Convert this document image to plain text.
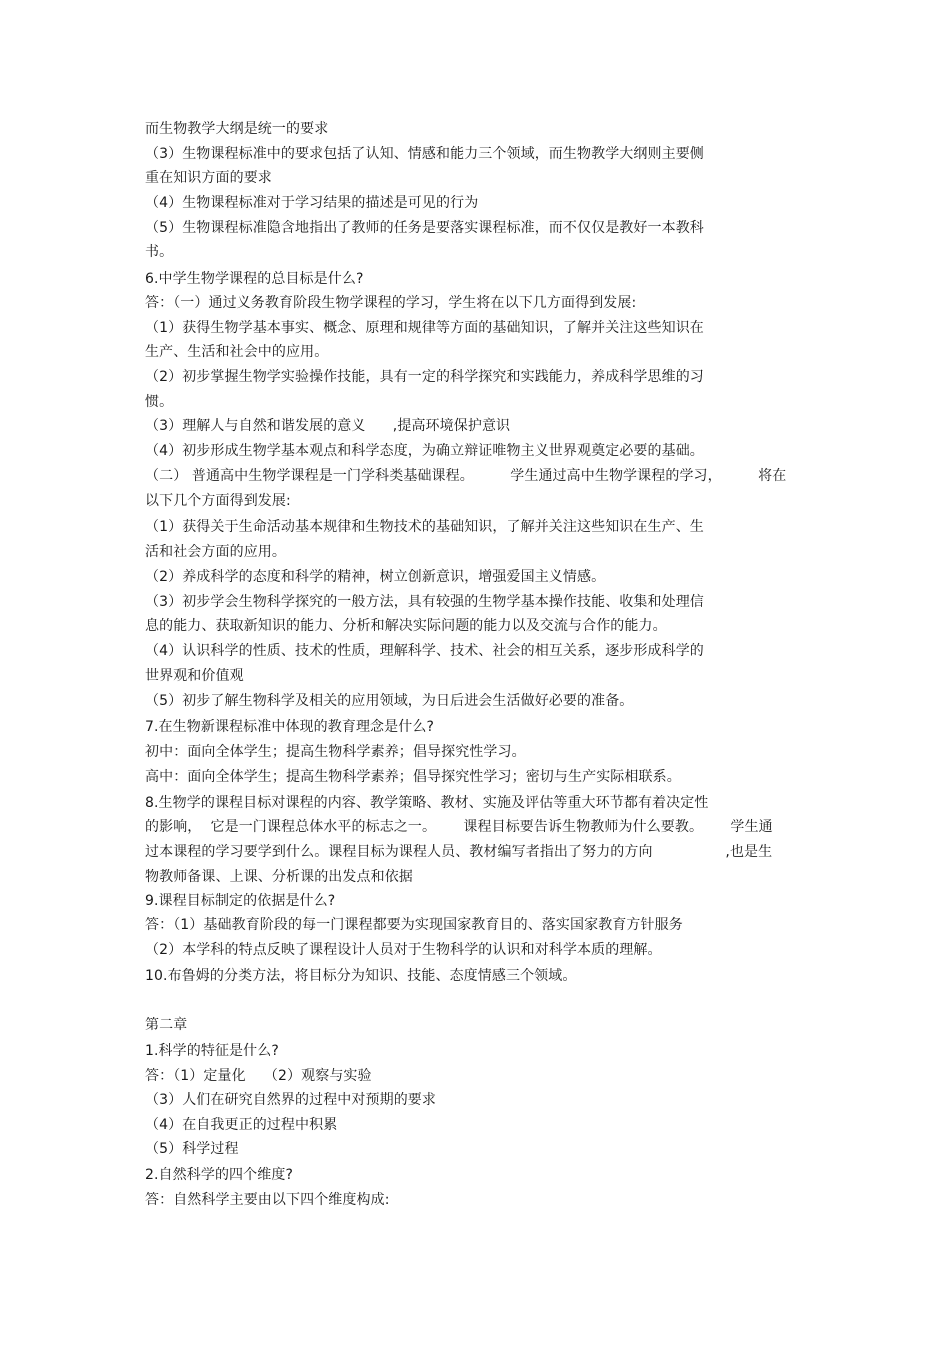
而生物教学大纲是统一的要求
（3）生物课程标准中的要求包括了认知、情感和能力三个领域，而生物教学大纲则主要侧
重在知识方面的要求
（4）生物课程标准对于学习结果的描述是可见的行为
（5）生物课程标准隐含地指出了教师的任务是要落实课程标准，而不仅仅是教好一本教科
书。
6.中学生物学课程的总目标是什么?
答：（一）通过义务教育阶段生物学课程的学习，学生将在以下几方面得到发展:
（1）获得生物学基本事实、概念、原理和规律等方面的基础知识，了解并关注这些知识在
生产、生活和社会中的应用。
（2）初步掌握生物学实验操作技能，具有一定的科学探究和实践能力，养成科学思维的习
惯。
（3）理解人与自然和谐发展的意义      ,提高环境保护意识
（4）初步形成生物学基本观点和科学态度，为确立辩证唯物主义世界观奠定必要的基础。
（二） 普通高中生物学课程是一门学科类基础课程。        学生通过高中生物学课程的学习，        将在
以下几个方面得到发展:
（1）获得关于生命活动基本规律和生物技术的基础知识，了解并关注这些知识在生产、生
活和社会方面的应用。
（2）养成科学的态度和科学的精神，树立创新意识，增强爱国主义情感。
（3）初步学会生物科学探究的一般方法，具有较强的生物学基本操作技能、收集和处理信
息的能力、获取新知识的能力、分析和解决实际问题的能力以及交流与合作的能力。
（4）认识科学的性质、技术的性质，理解科学、技术、社会的相互关系，逐步形成科学的
世界观和价值观
（5）初步了解生物科学及相关的应用领域，为日后进会生活做好必要的准备。
7.在生物新课程标准中体现的教育理念是什么?
初中：面向全体学生；提高生物科学素养；倡导探究性学习。
高中：面向全体学生；提高生物科学素养；倡导探究性学习；密切与生产实际相联系。
8.生物学的课程目标对课程的内容、教学策略、教材、实施及评估等重大环节都有着决定性
的影响，  它是一门课程总体水平的标志之一。      课程目标要告诉生物教师为什么要教。      学生通
过本课程的学习要学到什么。课程目标为课程人员、教材编写者指出了努力的方向                ,也是生
物教师备课、上课、分析课的出发点和依据
9.课程目标制定的依据是什么?
答：（1）基础教育阶段的每一门课程都要为实现国家教育目的、落实国家教育方针服务
（2）本学科的特点反映了课程设计人员对于生物科学的认识和对科学本质的理解。
10.布鲁姆的分类方法，将目标分为知识、技能、态度情感三个领域。
第二章
1.科学的特征是什么?
答：（1）定量化    （2）观察与实验
（3）人们在研究自然界的过程中对预期的要求
（4）在自我更正的过程中积累
（5）科学过程
2.自然科学的四个维度?
答：自然科学主要由以下四个维度构成:
